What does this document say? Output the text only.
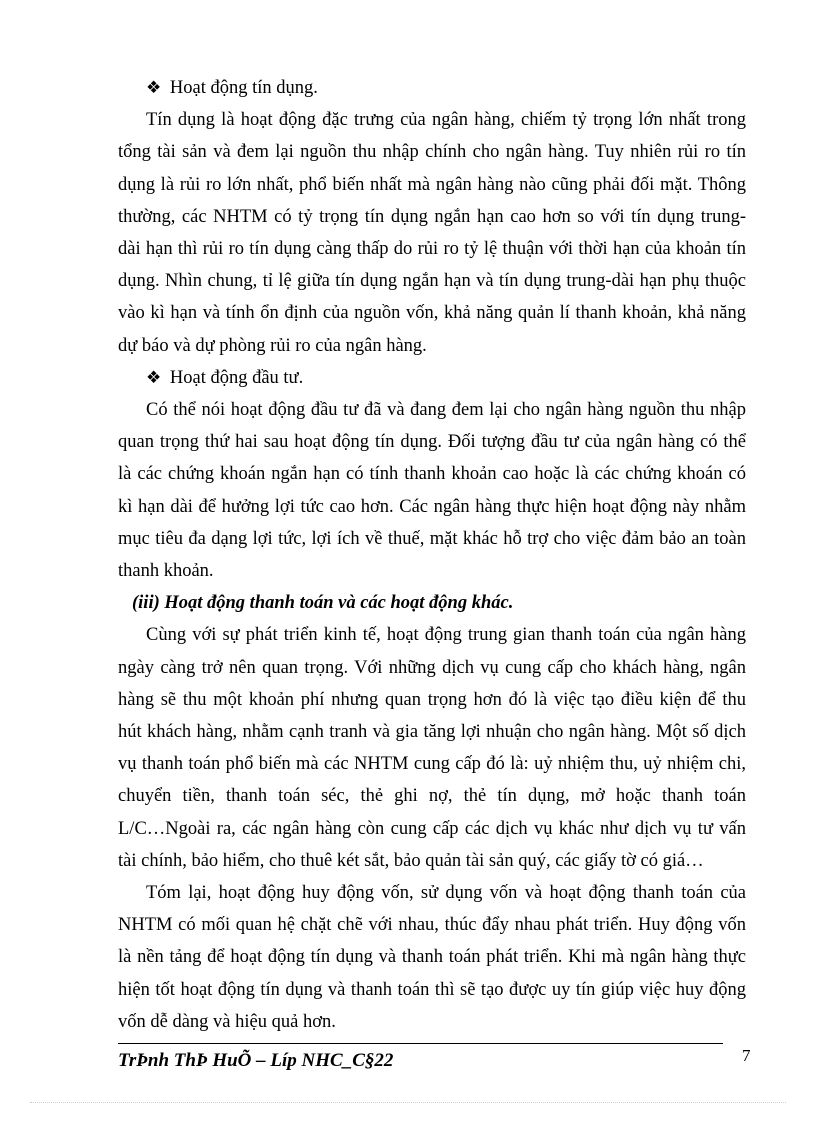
❖ Hoạt động tín dụng.
Tín dụng là hoạt động đặc trưng của ngân hàng, chiếm tỷ trọng lớn nhất trong
tổng tài sản và đem lại nguồn thu nhập chính cho ngân hàng. Tuy nhiên rủi ro tín
dụng là rủi ro lớn nhất, phổ biến nhất mà ngân hàng nào cũng phải đối mặt. Thông
thường, các NHTM có tỷ trọng tín dụng ngắn hạn cao hơn so với tín dụng trung-
dài hạn thì rủi ro tín dụng càng thấp do rủi ro tỷ lệ thuận với thời hạn của khoản tín
dụng. Nhìn chung, tỉ lệ giữa tín dụng ngắn hạn và tín dụng trung-dài hạn phụ thuộc
vào kì hạn và tính ổn định của nguồn vốn, khả năng quản lí thanh khoản, khả năng
dự báo và dự phòng rủi ro của ngân hàng.
❖ Hoạt động đầu tư.
Có thể nói hoạt động đầu tư đã và đang đem lại cho ngân hàng nguồn thu nhập
quan trọng thứ hai sau hoạt động tín dụng. Đối tượng đầu tư của ngân hàng có thể
là các chứng khoán ngắn hạn có tính thanh khoản cao hoặc là các chứng khoán có
kì hạn dài để hưởng lợi tức cao hơn. Các ngân hàng thực hiện hoạt động này nhằm
mục tiêu đa dạng lợi tức, lợi ích về thuế, mặt khác hỗ trợ cho việc đảm bảo an toàn
thanh khoản.
(iii) Hoạt động thanh toán và các hoạt động khác.
Cùng với sự phát triển kinh tế, hoạt động trung gian thanh toán của ngân hàng
ngày càng trở nên quan trọng. Với những dịch vụ cung cấp cho khách hàng, ngân
hàng sẽ thu một khoản phí nhưng quan trọng hơn đó là việc tạo điều kiện để thu
hút khách hàng, nhằm cạnh tranh và gia tăng lợi nhuận cho ngân hàng. Một số dịch
vụ thanh toán phổ biến mà các NHTM cung cấp đó là: uỷ nhiệm thu, uỷ nhiệm chi,
chuyển tiền, thanh toán séc, thẻ ghi nợ, thẻ tín dụng, mở hoặc thanh toán
L/C…Ngoài ra, các ngân hàng còn cung cấp các dịch vụ khác như dịch vụ tư vấn
tài chính, bảo hiểm, cho thuê két sắt, bảo quản tài sản quý, các giấy tờ có giá…
Tóm lại, hoạt động huy động vốn, sử dụng vốn và hoạt động thanh toán của
NHTM có mối quan hệ chặt chẽ với nhau, thúc đẩy nhau phát triển. Huy động vốn
là nền tảng để hoạt động tín dụng và thanh toán phát triển. Khi mà ngân hàng thực
hiện tốt hoạt động tín dụng và thanh toán thì sẽ tạo được uy tín giúp việc huy động
vốn dễ dàng và hiệu quả hơn.
TrÞnh ThÞ HuÕ – Líp NHC_C§22	7
